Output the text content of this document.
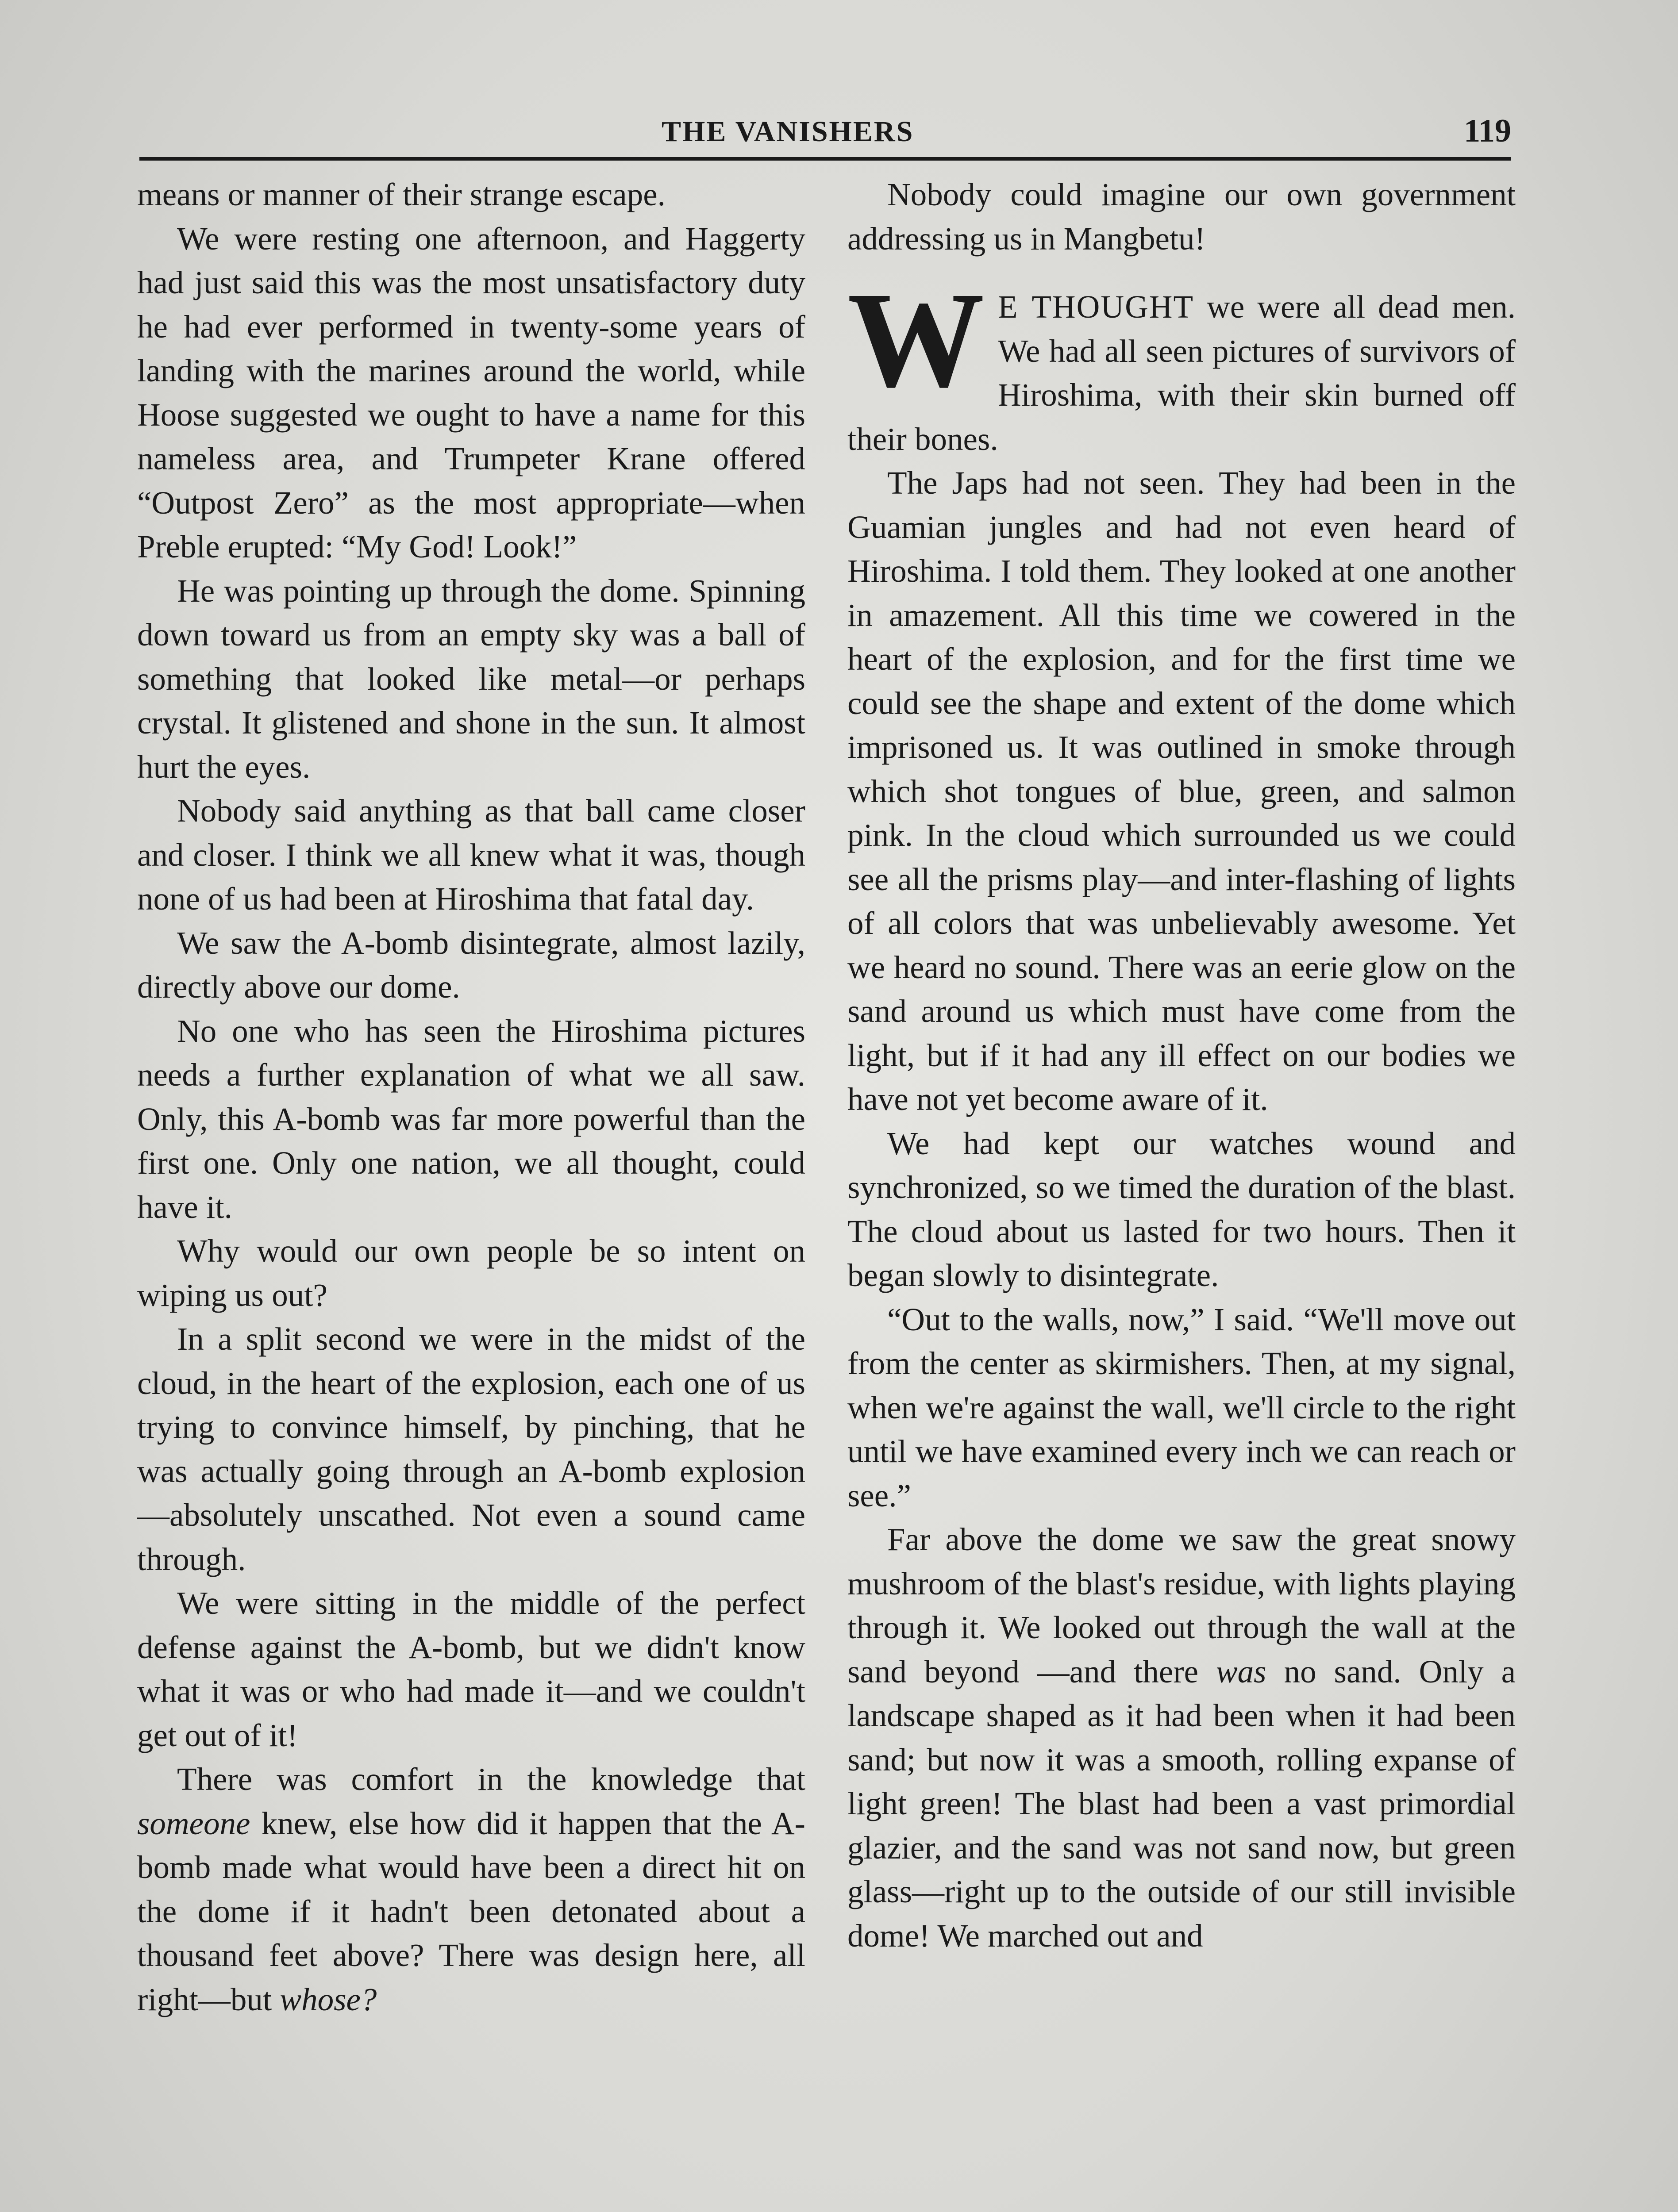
THE VANISHERS	119

means or manner of their strange escape.

We were resting one afternoon, and Haggerty had just said this was the most unsatisfactory duty he had ever performed in twenty-some years of landing with the marines around the world, while Hoose suggested we ought to have a name for this nameless area, and Trumpeter Krane offered “Outpost Zero” as the most appropriate—when Preble erupted: “My God! Look!”

He was pointing up through the dome. Spinning down toward us from an empty sky was a ball of something that looked like metal—or perhaps crystal. It glistened and shone in the sun. It almost hurt the eyes.

Nobody said anything as that ball came closer and closer. I think we all knew what it was, though none of us had been at Hiroshima that fatal day.

We saw the A-bomb disintegrate, almost lazily, directly above our dome.

No one who has seen the Hiroshima pictures needs a further explanation of what we all saw. Only, this A-bomb was far more powerful than the first one. Only one nation, we all thought, could have it.

Why would our own people be so intent on wiping us out?

In a split second we were in the midst of the cloud, in the heart of the explosion, each one of us trying to convince himself, by pinching, that he was actually going through an A-bomb explosion—absolutely unscathed. Not even a sound came through.

We were sitting in the middle of the perfect defense against the A-bomb, but we didn't know what it was or who had made it—and we couldn't get out of it!

There was comfort in the knowledge that someone knew, else how did it happen that the A-bomb made what would have been a direct hit on the dome if it hadn't been detonated about a thousand feet above? There was design here, all right—but whose?

Nobody could imagine our own government addressing us in Mangbetu!

W E THOUGHT we were all dead men. We had all seen pictures of survivors of Hiroshima, with their skin burned off their bones.

The Japs had not seen. They had been in the Guamian jungles and had not even heard of Hiroshima. I told them. They looked at one another in amazement. All this time we cowered in the heart of the explosion, and for the first time we could see the shape and extent of the dome which imprisoned us. It was outlined in smoke through which shot tongues of blue, green, and salmon pink. In the cloud which surrounded us we could see all the prisms play—and inter-flashing of lights of all colors that was unbelievably awesome. Yet we heard no sound. There was an eerie glow on the sand around us which must have come from the light, but if it had any ill effect on our bodies we have not yet become aware of it.

We had kept our watches wound and synchronized, so we timed the duration of the blast. The cloud about us lasted for two hours. Then it began slowly to disintegrate.

“Out to the walls, now,” I said. “We'll move out from the center as skirmishers. Then, at my signal, when we're against the wall, we'll circle to the right until we have examined every inch we can reach or see.”

Far above the dome we saw the great snowy mushroom of the blast's residue, with lights playing through it. We looked out through the wall at the sand beyond —and there was no sand. Only a landscape shaped as it had been when it had been sand; but now it was a smooth, rolling expanse of light green! The blast had been a vast primordial glazier, and the sand was not sand now, but green glass—right up to the outside of our still invisible dome! We marched out and
